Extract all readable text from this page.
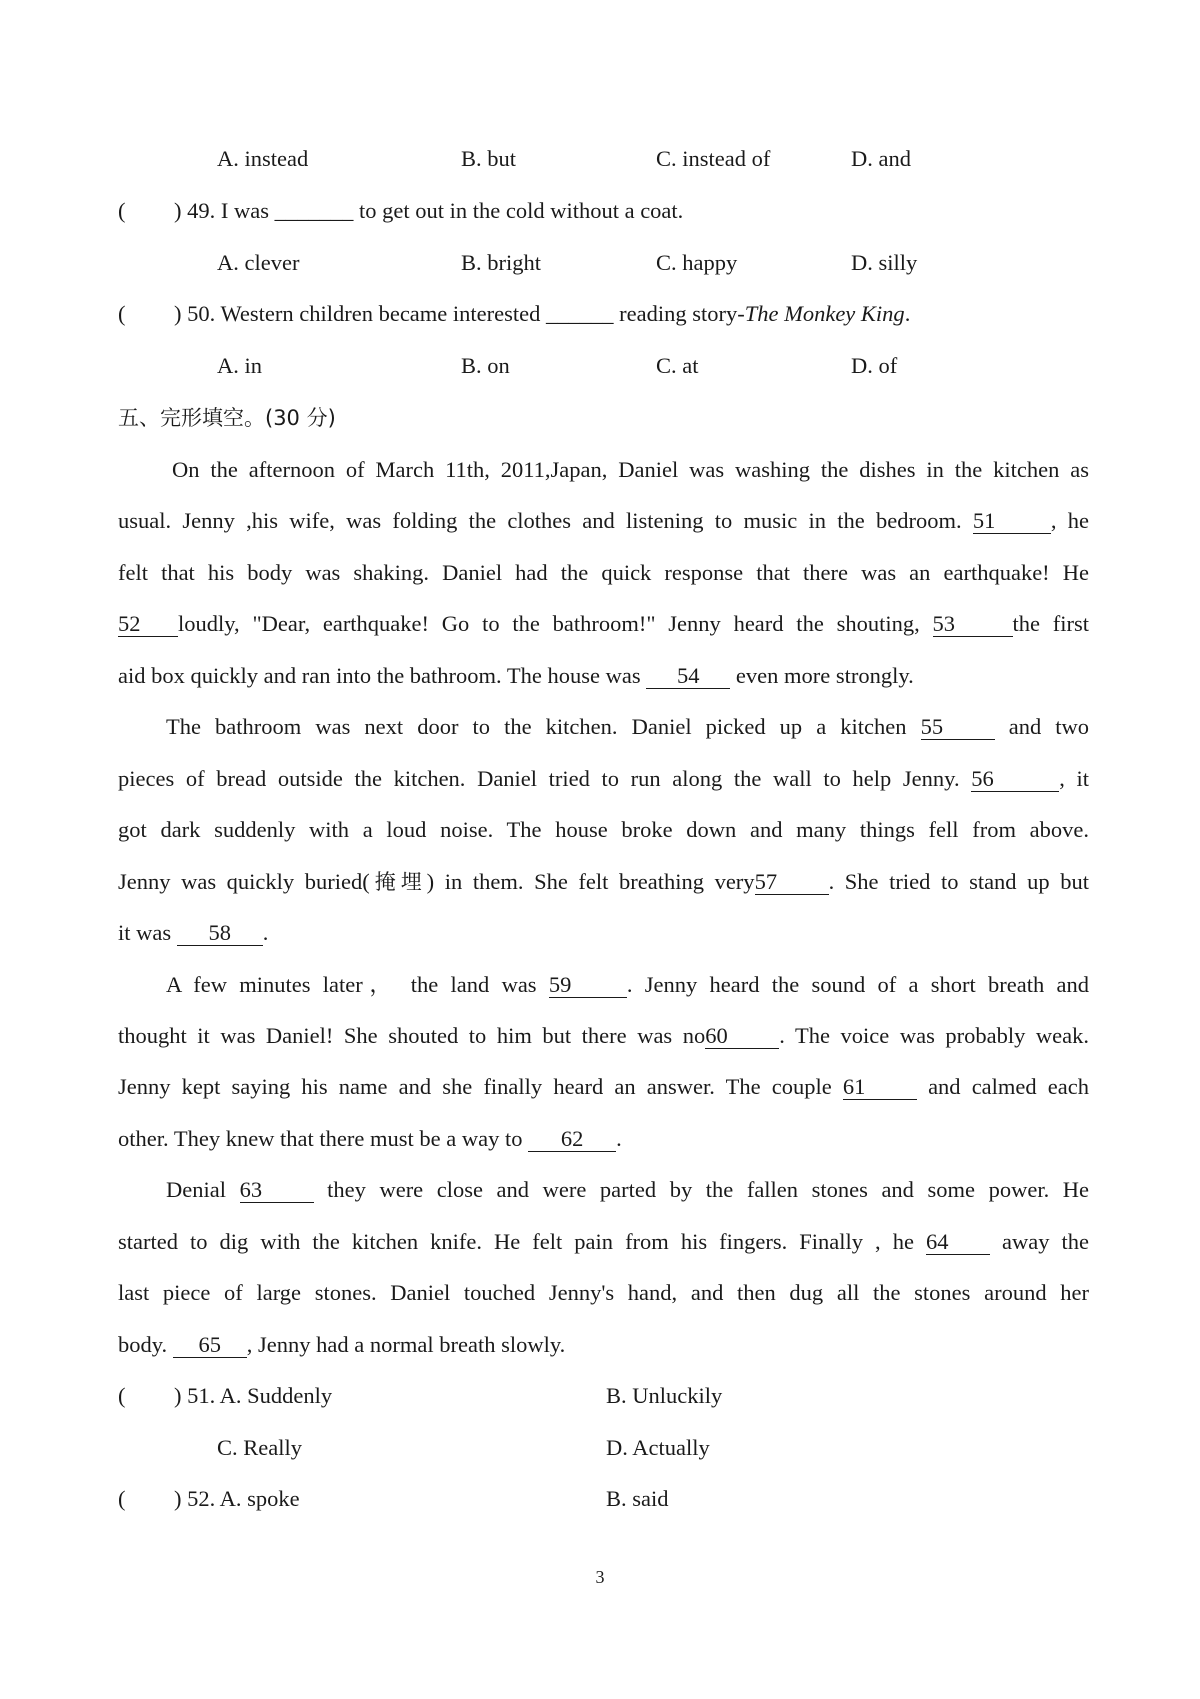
A. instead	B. but	C. instead of	D. and
( ) 49. I was _______ to get out in the cold without a coat.
A. clever	B. bright	C. happy	D. silly
( ) 50. Western children became interested ______ reading story-The Monkey King.
A. in	B. on	C. at	D. of
五、完形填空。(30 分)
On the afternoon of March 11th, 2011,Japan, Daniel was washing the dishes in the kitchen as
usual. Jenny ,his wife, was folding the clothes and listening to music in the bedroom. 51 , he
felt that his body was shaking. Daniel had the quick response that there was an earthquake! He
52 loudly, "Dear, earthquake! Go to the bathroom!" Jenny heard the shouting, 53	the first
aid box quickly and ran into the bathroom. The house was 54 even more strongly.
The bathroom was next door to the kitchen. Daniel picked up a kitchen 55	and two
pieces of bread outside the kitchen. Daniel tried to run along the wall to help Jenny. 56	, it
got dark suddenly with a loud noise. The house broke down and many things fell from above.
Jenny was quickly buried(掩埋) in them. She felt breathing very57 . She tried to stand up but
it was 58 .
A few minutes later， the land was 59 . Jenny heard the sound of a short breath and
thought it was Daniel! She shouted to him but there was no60 . The voice was probably weak.
Jenny kept saying his name and she finally heard an answer. The couple 61	and calmed each
other. They knew that there must be a way to 62 .
Denial 63	they were close and were parted by the fallen stones and some power. He
started to dig with the kitchen knife. He felt pain from his fingers. Finally , he 64 away the
last piece of large stones. Daniel touched Jenny's hand, and then dug all the stones around her
body. 65 , Jenny had a normal breath slowly.
( ) 51. A. Suddenly	B. Unluckily
C. Really	D. Actually
( ) 52. A. spoke	B. said
3
